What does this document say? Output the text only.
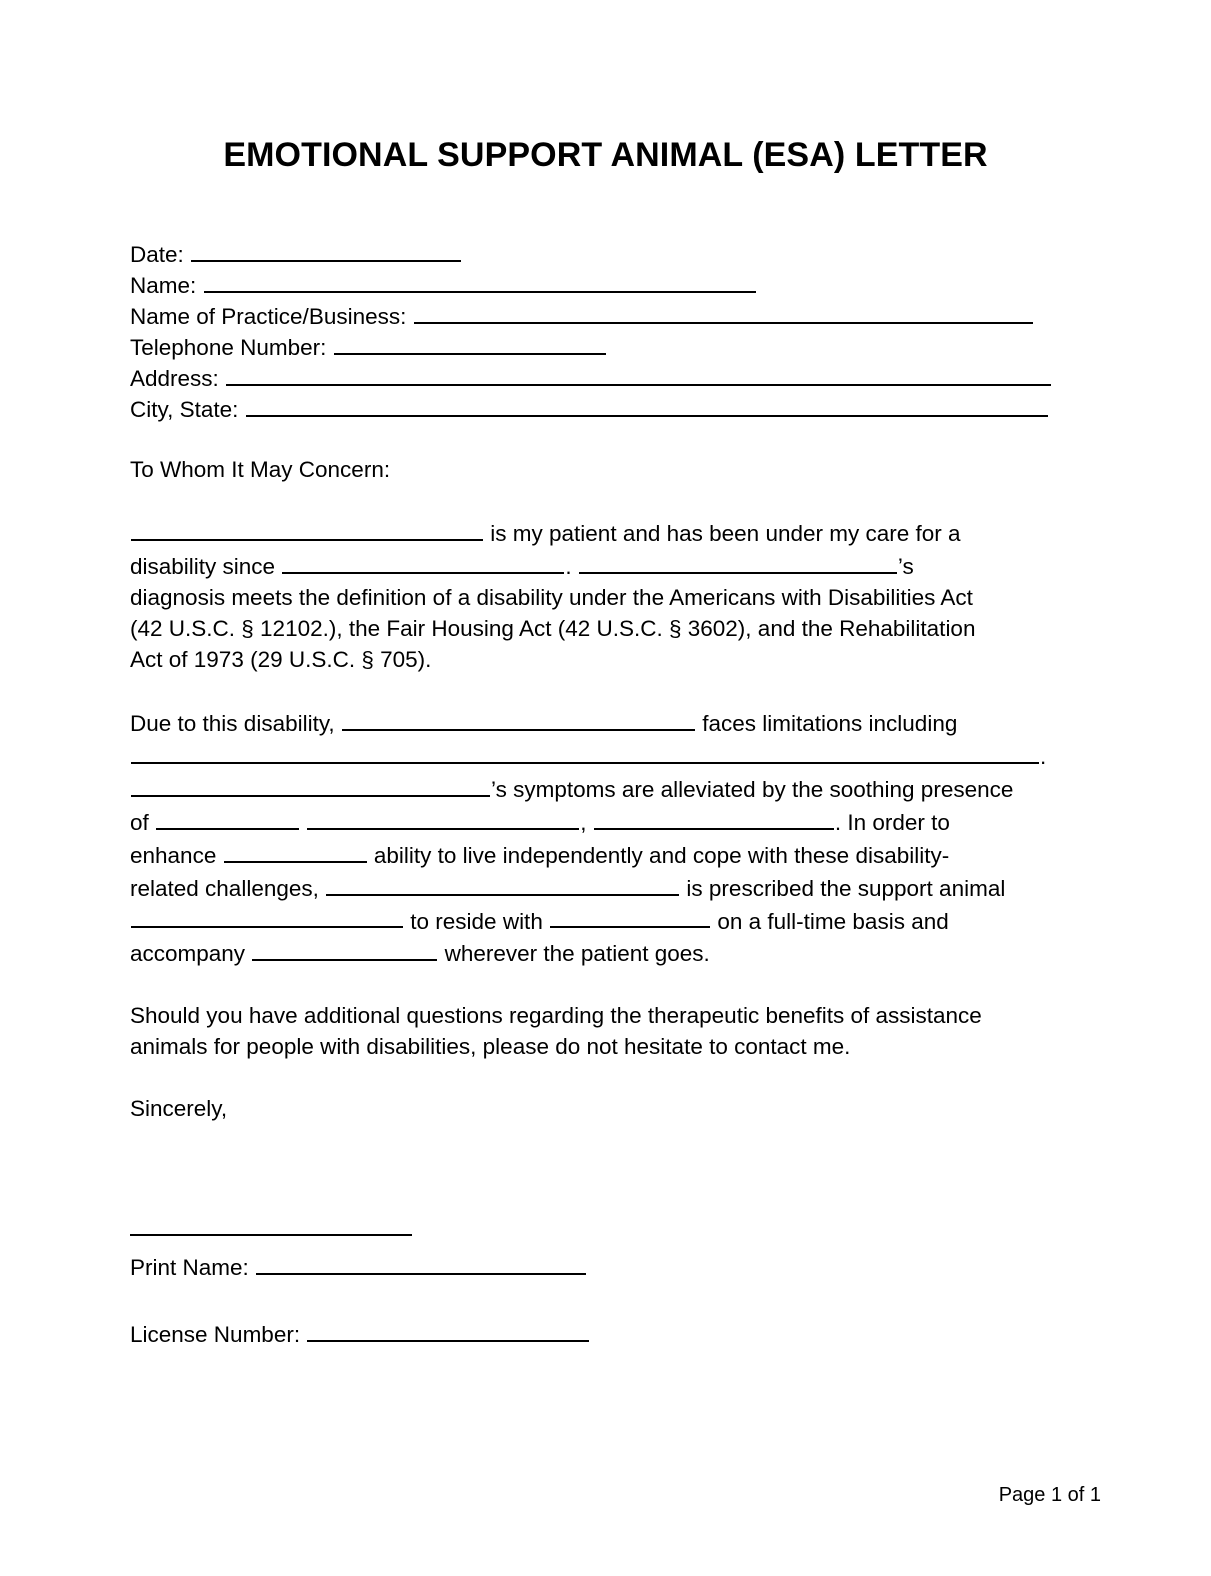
EMOTIONAL SUPPORT ANIMAL (ESA) LETTER
Date:
Name:
Name of Practice/Business:
Telephone Number:
Address:
City, State:
To Whom It May Concern:
is my patient and has been under my care for a
disability since	.	’s
diagnosis meets the definition of a disability under the Americans with Disabilities Act
(42 U.S.C. § 12102.), the Fair Housing Act (42 U.S.C. § 3602), and the Rehabilitation
Act of 1973 (29 U.S.C. § 705).
Due to this disability,	faces limitations including
.
’s symptoms are alleviated by the soothing presence
of	,	. In order to
enhance	ability to live independently and cope with these disability-
related challenges,	is prescribed the support animal
to reside with	on a full-time basis and
accompany	wherever the patient goes.
Should you have additional questions regarding the therapeutic benefits of assistance
animals for people with disabilities, please do not hesitate to contact me.
Sincerely,
Print Name:
License Number:
Page 1 of 1
